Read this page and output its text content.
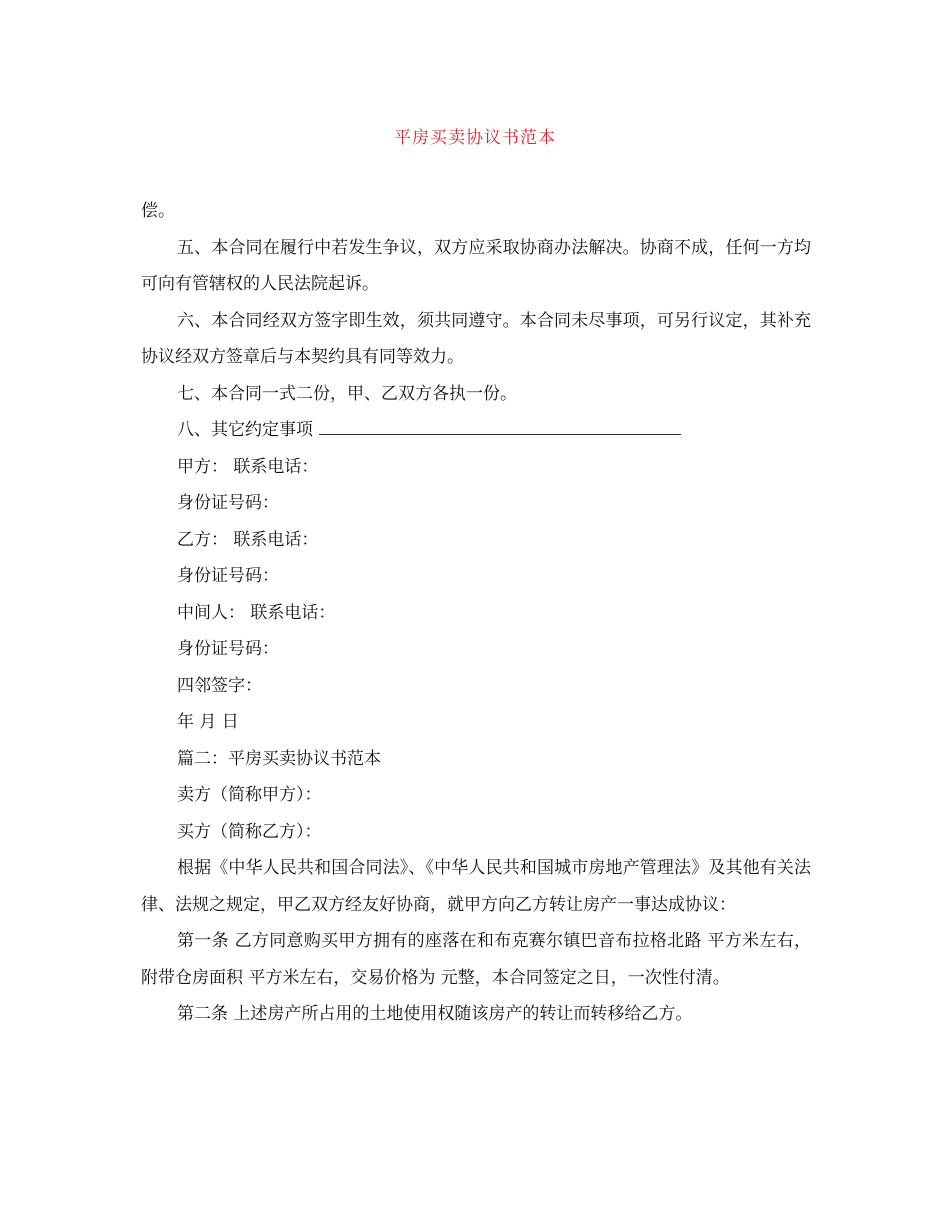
平房买卖协议书范本

偿。

五、本合同在履行中若发生争议，双方应采取协商办法解决。协商不成，任何一方均可向有管辖权的人民法院起诉。

六、本合同经双方签字即生效，须共同遵守。本合同未尽事项，可另行议定，其补充协议经双方签章后与本契约具有同等效力。

七、本合同一式二份，甲、乙双方各执一份。

八、其它约定事项

甲方： 联系电话：

身份证号码：

乙方： 联系电话：

身份证号码：

中间人： 联系电话：

身份证号码：

四邻签字：

年 月 日

篇二：平房买卖协议书范本

卖方（简称甲方）：

买方（简称乙方）：

根据《中华人民共和国合同法》、《中华人民共和国城市房地产管理法》及其他有关法律、法规之规定，甲乙双方经友好协商，就甲方向乙方转让房产一事达成协议：

第一条 乙方同意购买甲方拥有的座落在和布克赛尔镇巴音布拉格北路 平方米左右，附带仓房面积 平方米左右，交易价格为 元整，本合同签定之日，一次性付清。

第二条 上述房产所占用的土地使用权随该房产的转让而转移给乙方。
